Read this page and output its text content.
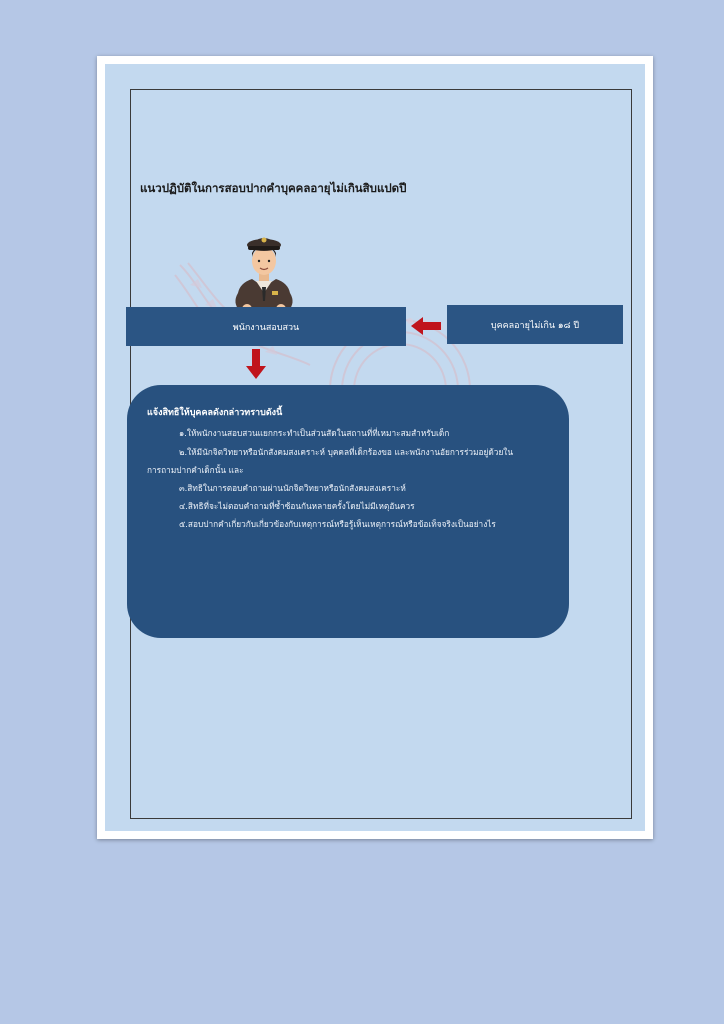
แนวปฏิบัติในการสอบปากคำบุคคลอายุไม่เกินสิบแปดปี
พนักงานสอบสวน	บุคคลอายุไม่เกิน ๑๘ ปี
แจ้งสิทธิให้บุคคลดังกล่าวทราบดังนี้
๑.ให้พนักงานสอบสวนแยกกระทำเป็นส่วนสัดในสถานที่ที่เหมาะสมสำหรับเด็ก
๒.ให้มีนักจิตวิทยาหรือนักสังคมสงเคราะห์ บุคคลที่เด็กร้องขอ และพนักงานอัยการร่วมอยู่ด้วยใน
การถามปากคำเด็กนั้น และ
๓.สิทธิในการตอบคำถามผ่านนักจิตวิทยาหรือนักสังคมสงเคราะห์
๔.สิทธิที่จะไม่ตอบคำถามที่ซ้ำซ้อนกันหลายครั้งโดยไม่มีเหตุอันควร
๕.สอบปากคำเกี่ยวกับเกี่ยวข้องกับเหตุการณ์หรือรู้เห็นเหตุการณ์หรือข้อเท็จจริงเป็นอย่างไร
